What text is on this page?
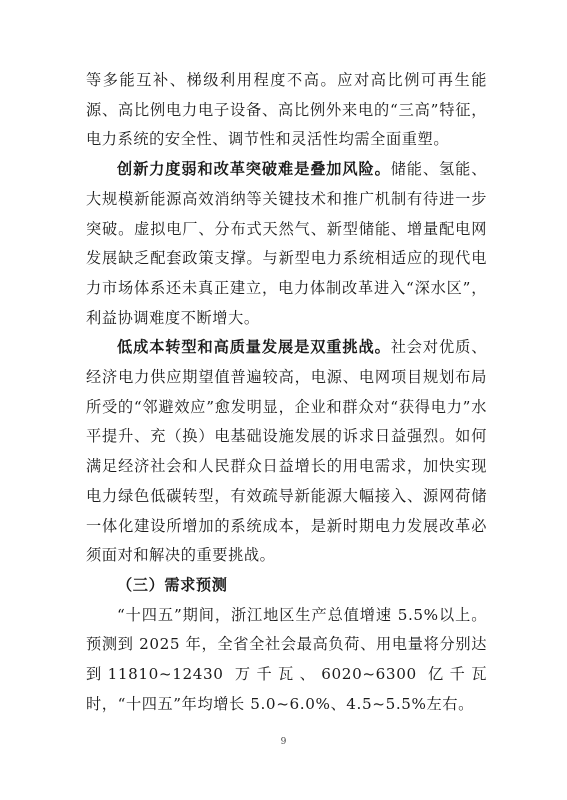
等多能互补、梯级利用程度不高。应对高比例可再生能源、高比例电力电子设备、高比例外来电的“三高”特征，电力系统的安全性、调节性和灵活性均需全面重塑。

创新力度弱和改革突破难是叠加风险。储能、氢能、大规模新能源高效消纳等关键技术和推广机制有待进一步突破。虚拟电厂、分布式天然气、新型储能、增量配电网发展缺乏配套政策支撑。与新型电力系统相适应的现代电力市场体系还未真正建立，电力体制改革进入“深水区”，利益协调难度不断增大。

低成本转型和高质量发展是双重挑战。社会对优质、经济电力供应期望值普遍较高，电源、电网项目规划布局所受的“邻避效应”愈发明显，企业和群众对“获得电力”水平提升、充（换）电基础设施发展的诉求日益强烈。如何满足经济社会和人民群众日益增长的用电需求，加快实现电力绿色低碳转型，有效疏导新能源大幅接入、源网荷储一体化建设所增加的系统成本，是新时期电力发展改革必须面对和解决的重要挑战。

（三）需求预测

“十四五”期间，浙江地区生产总值增速 5.5%以上。预测到 2025 年，全省全社会最高负荷、用电量将分别达到11810~12430 万千瓦、6020~6300 亿千瓦时，“十四五”年均增长 5.0~6.0%、4.5~5.5%左右。

9
